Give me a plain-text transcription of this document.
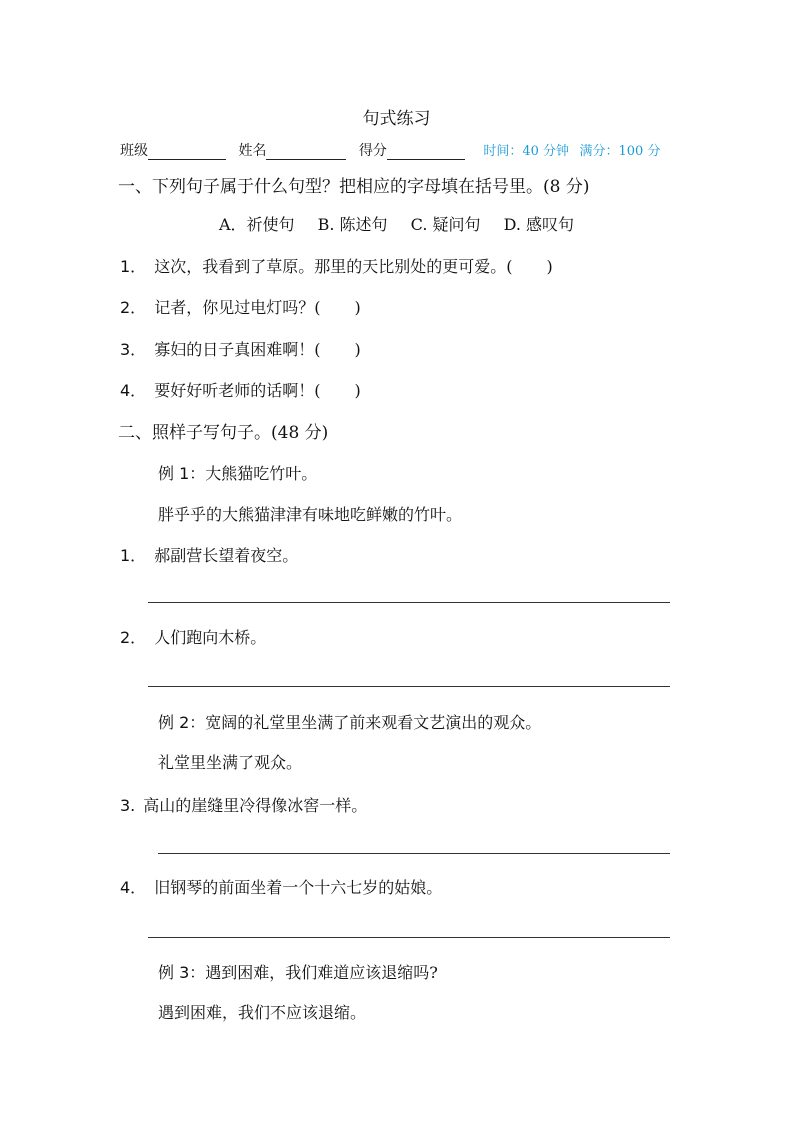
句式练习
班级	姓名	得分	时间：40 分钟 满分：100 分
一、下列句子属于什么句型？把相应的字母填在括号里。(8 分)
A．祈使句 B. 陈述句 C. 疑问句 D. 感叹句
1． 这次，我看到了草原。那里的天比别处的更可爱。( )
2． 记者，你见过电灯吗？( )
3． 寡妇的日子真困难啊！( )
4． 要好好听老师的话啊！( )
二、照样子写句子。(48 分)
例 1：大熊猫吃竹叶。
胖乎乎的大熊猫津津有味地吃鲜嫩的竹叶。
1． 郝副营长望着夜空。
2． 人们跑向木桥。
例 2：宽阔的礼堂里坐满了前来观看文艺演出的观众。
礼堂里坐满了观众。
3. 高山的崖缝里冷得像冰窖一样。
4． 旧钢琴的前面坐着一个十六七岁的姑娘。
例 3：遇到困难，我们难道应该退缩吗?
遇到困难，我们不应该退缩。
